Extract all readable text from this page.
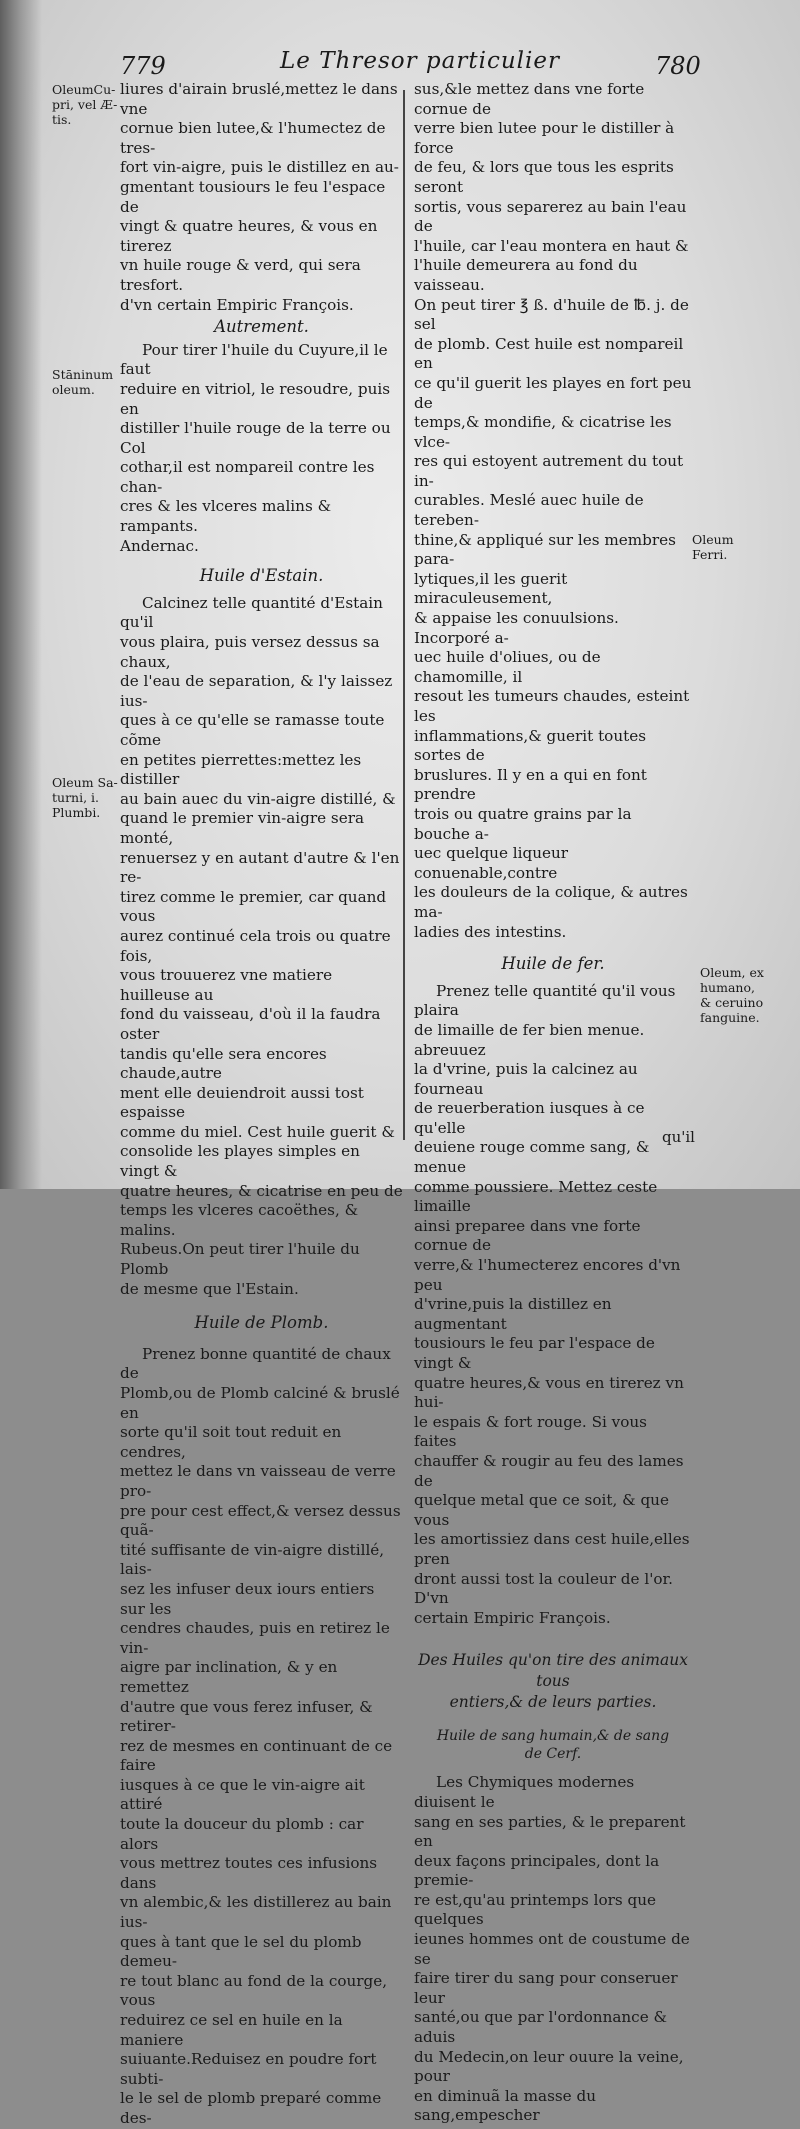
779	Le Thresor particulier	780
OleumCu-
pri, vel Æ-
tis.
Stāninum
oleum.
Oleum Sa-
turni, i.
Plumbi.
Oleum
Ferri.
Oleum, ex
humano,
& ceruino
fanguine.

liures d'airain bruslé,mettez le dans vne

cornue bien lutee,& l'humectez de tres-

fort vin-aigre, puis le distillez en au-

gmentant tousiours le feu l'espace de

vingt & quatre heures, & vous en tirerez

vn huile rouge & verd, qui sera tresfort.

d'vn certain Empiric François.

Autrement.

Pour tirer l'huile du Cuyure,il le faut

reduire en vitriol, le resoudre, puis en

distiller l'huile rouge de la terre ou Col

cothar,il est nompareil contre les chan-

cres & les vlceres malins & rampants.

Andernac.

Huile d'Estain.

Calcinez telle quantité d'Estain qu'il

vous plaira, puis versez dessus sa chaux,

de l'eau de separation, & l'y laissez ius-

ques à ce qu'elle se ramasse toute cõme

en petites pierrettes:mettez les distiller

au bain auec du vin-aigre distillé, &

quand le premier vin-aigre sera monté,

renuersez y en autant d'autre & l'en re-

tirez comme le premier, car quand vous

aurez continué cela trois ou quatre fois,

vous trouuerez vne matiere huilleuse au

fond du vaisseau, d'où il la faudra oster

tandis qu'elle sera encores chaude,autre

ment elle deuiendroit aussi tost espaisse

comme du miel. Cest huile guerit &

consolide les playes simples en vingt &

quatre heures, & cicatrise en peu de

temps les vlceres cacoëthes, & malins.

Rubeus.On peut tirer l'huile du Plomb

de mesme que l'Estain.

Huile de Plomb.

Prenez bonne quantité de chaux de

Plomb,ou de Plomb calciné & bruslé en

sorte qu'il soit tout reduit en cendres,

mettez le dans vn vaisseau de verre pro-

pre pour cest effect,& versez dessus quã-

tité suffisante de vin-aigre distillé, lais-

sez les infuser deux iours entiers sur les

cendres chaudes, puis en retirez le vin-

aigre par inclination, & y en remettez

d'autre que vous ferez infuser, & retirer-

rez de mesmes en continuant de ce faire

iusques à ce que le vin-aigre ait attiré

toute la douceur du plomb : car alors

vous mettrez toutes ces infusions dans

vn alembic,& les distillerez au bain ius-

ques à tant que le sel du plomb demeu-

re tout blanc au fond de la courge, vous

reduirez ce sel en huile en la maniere

suiuante.Reduisez en poudre fort subti-

le le sel de plomb preparé comme des-

sus,&le mettez dans vne forte cornue de

verre bien lutee pour le distiller à force

de feu, & lors que tous les esprits seront

sortis, vous separerez au bain l'eau de

l'huile, car l'eau montera en haut &

l'huile demeurera au fond du vaisseau.

On peut tirer ℥ ß. d'huile de ℔. j. de sel

de plomb. Cest huile est nompareil en

ce qu'il guerit les playes en fort peu de

temps,& mondifie, & cicatrise les vlce-

res qui estoyent autrement du tout in-

curables. Meslé auec huile de tereben-

thine,& appliqué sur les membres para-

lytiques,il les guerit miraculeusement,

& appaise les conuulsions. Incorporé a-

uec huile d'oliues, ou de chamomille, il

resout les tumeurs chaudes, esteint les

inflammations,& guerit toutes sortes de

bruslures. Il y en a qui en font prendre

trois ou quatre grains par la bouche a-

uec quelque liqueur conuenable,contre

les douleurs de la colique, & autres ma-

ladies des intestins.

Huile de fer.

Prenez telle quantité qu'il vous plaira

de limaille de fer bien menue. abreuuez

la d'vrine, puis la calcinez au fourneau

de reuerberation iusques à ce qu'elle

deuiene rouge comme sang, & menue

comme poussiere. Mettez ceste limaille

ainsi preparee dans vne forte cornue de

verre,& l'humecterez encores d'vn peu

d'vrine,puis la distillez en augmentant

tousiours le feu par l'espace de vingt &

quatre heures,& vous en tirerez vn hui-

le espais & fort rouge. Si vous faites

chauffer & rougir au feu des lames de

quelque metal que ce soit, & que vous

les amortissiez dans cest huile,elles pren

dront aussi tost la couleur de l'or. D'vn

certain Empiric François.

Des Huiles qu'on tire des animaux tous
entiers,& de leurs parties.
Huile de sang humain,& de sang
de Cerf.

Les Chymiques modernes diuisent le

sang en ses parties, & le preparent en

deux façons principales, dont la premie-

re est,qu'au printemps lors que quelques

ieunes hommes ont de coustume de se

faire tirer du sang pour conseruer leur

santé,ou que par l'ordonnance & aduis

du Medecin,on leur ouure la veine, pour

en diminuã la masse du sang,empescher

qu'il
